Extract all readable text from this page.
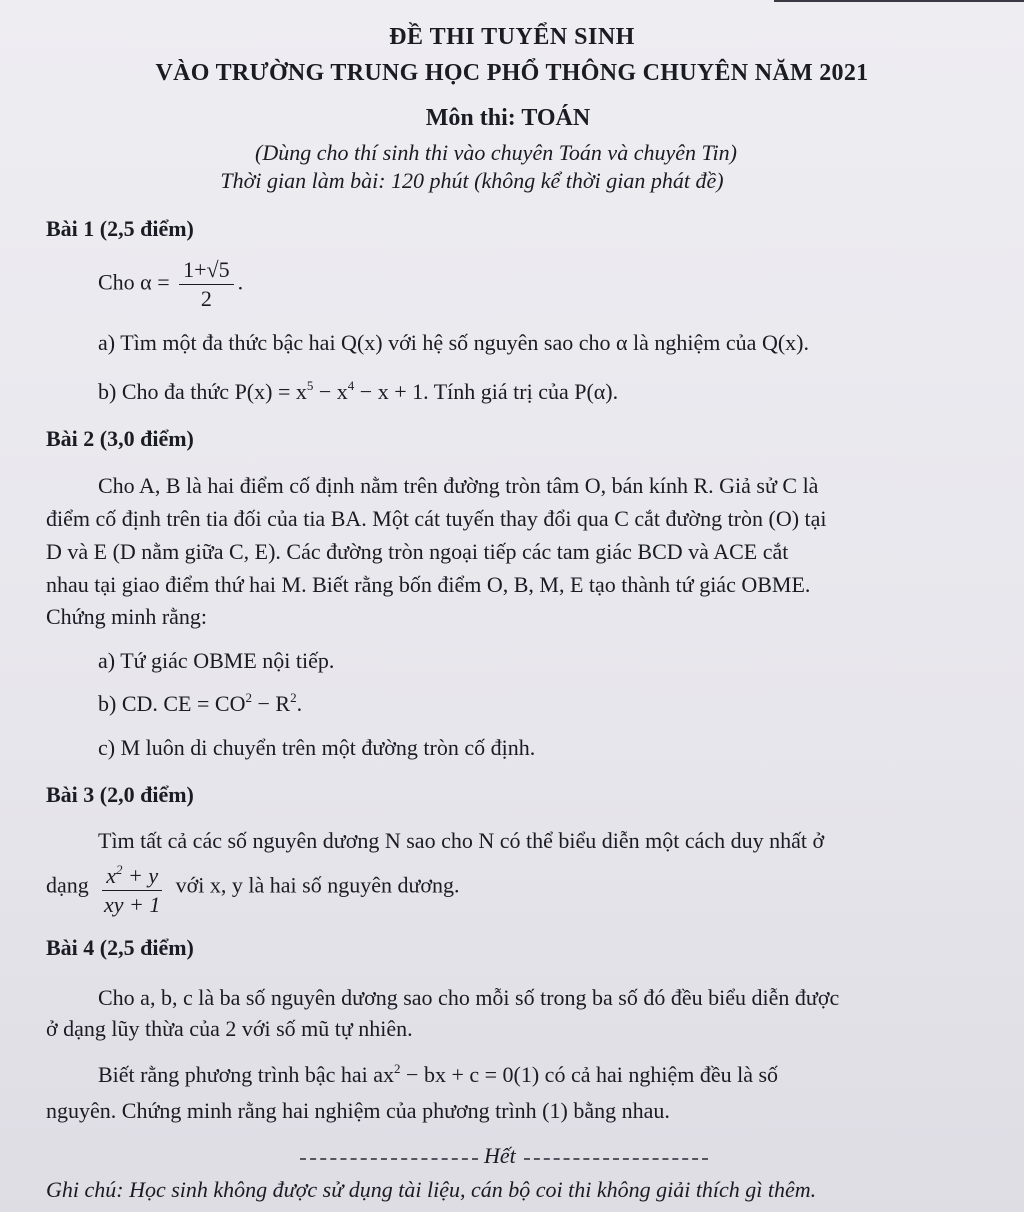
ĐỀ THI TUYỂN SINH
VÀO TRƯỜNG TRUNG HỌC PHỔ THÔNG CHUYÊN NĂM 2021
Môn thi: TOÁN
(Dùng cho thí sinh thi vào chuyên Toán và chuyên Tin)
Thời gian làm bài: 120 phút (không kể thời gian phát đề)
Bài 1 (2,5 điểm)
Cho $\alpha = \frac{1+√5}{2}$ .
a) Tìm một đa thức bậc hai Q(x) với hệ số nguyên sao cho α là nghiệm của Q(x).
b) Cho đa thức $P(x) = x^5 - x^4 - x + 1$. Tính giá trị của P(α).
Bài 2 (3,0 điểm)
Cho A, B là hai điểm cố định nằm trên đường tròn tâm O, bán kính R. Giả sử C là
điểm cố định trên tia đối của tia BA. Một cát tuyến thay đổi qua C cắt đường tròn (O) tại
D và E (D nằm giữa C, E). Các đường tròn ngoại tiếp các tam giác BCD và ACE cắt
nhau tại giao điểm thứ hai M. Biết rằng bốn điểm O, B, M, E tạo thành tứ giác OBME.
Chứng minh rằng:
a) Tứ giác OBME nội tiếp.
b) CD. CE = $CO^2 - R^2$.
c) M luôn di chuyển trên một đường tròn cố định.
Bài 3 (2,0 điểm)
Tìm tất cả các số nguyên dương N sao cho N có thể biểu diễn một cách duy nhất ở
dạng $\frac{x^2 + y}{xy + 1}$ với x, y là hai số nguyên dương.
Bài 4 (2,5 điểm)
Cho a, b, c là ba số nguyên dương sao cho mỗi số trong ba số đó đều biểu diễn được
ở dạng lũy thừa của 2 với số mũ tự nhiên.
Biết rằng phương trình bậc hai $ax^2$ − bx + c = 0(1) có cả hai nghiệm đều là số
nguyên. Chứng minh rằng hai nghiệm của phương trình (1) bằng nhau.
Hết
Ghi chú: Học sinh không được sử dụng tài liệu, cán bộ coi thi không giải thích gì thêm.
